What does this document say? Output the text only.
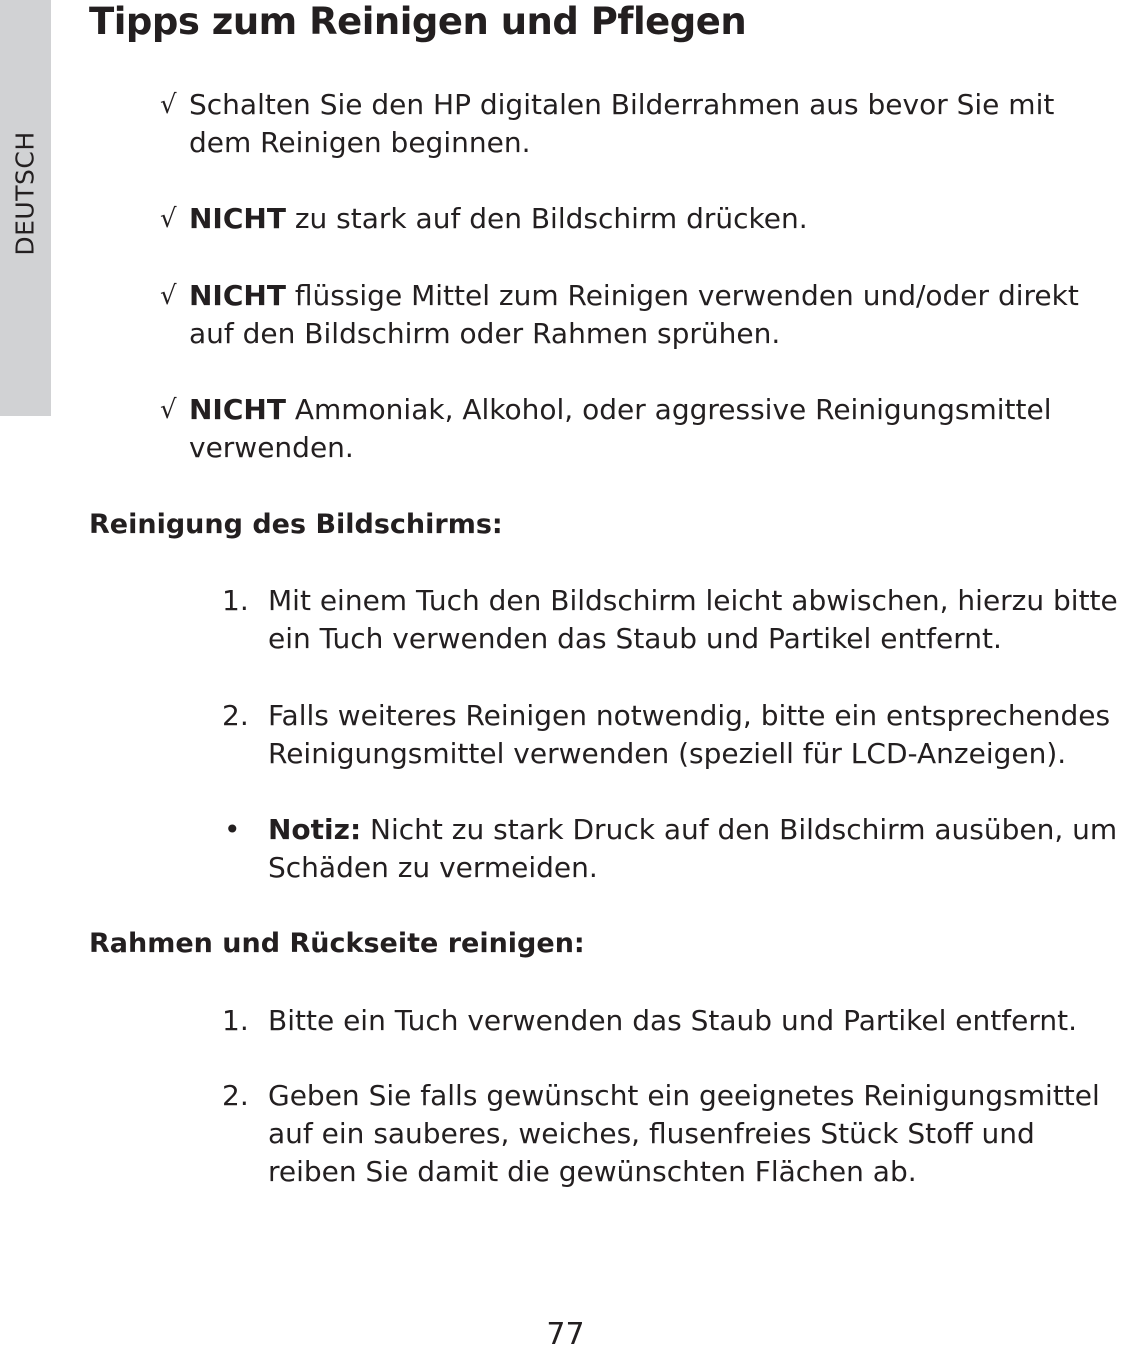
DEUTSCH
Tipps zum Reinigen und Pflegen
√ Schalten Sie den HP digitalen Bilderrahmen aus bevor Sie mit dem Reinigen beginnen.
√ NICHT zu stark auf den Bildschirm drücken.
√ NICHT flüssige Mittel zum Reinigen verwenden und/oder direkt auf den Bildschirm oder Rahmen sprühen.
√ NICHT Ammoniak, Alkohol, oder aggressive Reinigungsmittel verwenden.
Reinigung des Bildschirms:
1. Mit einem Tuch den Bildschirm leicht abwischen, hierzu bitte ein Tuch verwenden das Staub und Partikel entfernt.
2. Falls weiteres Reinigen notwendig, bitte ein entsprechendes Reinigungsmittel verwenden (speziell für LCD-Anzeigen).
• Notiz: Nicht zu stark Druck auf den Bildschirm ausüben, um Schäden zu vermeiden.
Rahmen und Rückseite reinigen:
1. Bitte ein Tuch verwenden das Staub und Partikel entfernt.
2. Geben Sie falls gewünscht ein geeignetes Reinigungsmittel auf ein sauberes, weiches, flusenfreies Stück Stoff und reiben Sie damit die gewünschten Flächen ab.
77
